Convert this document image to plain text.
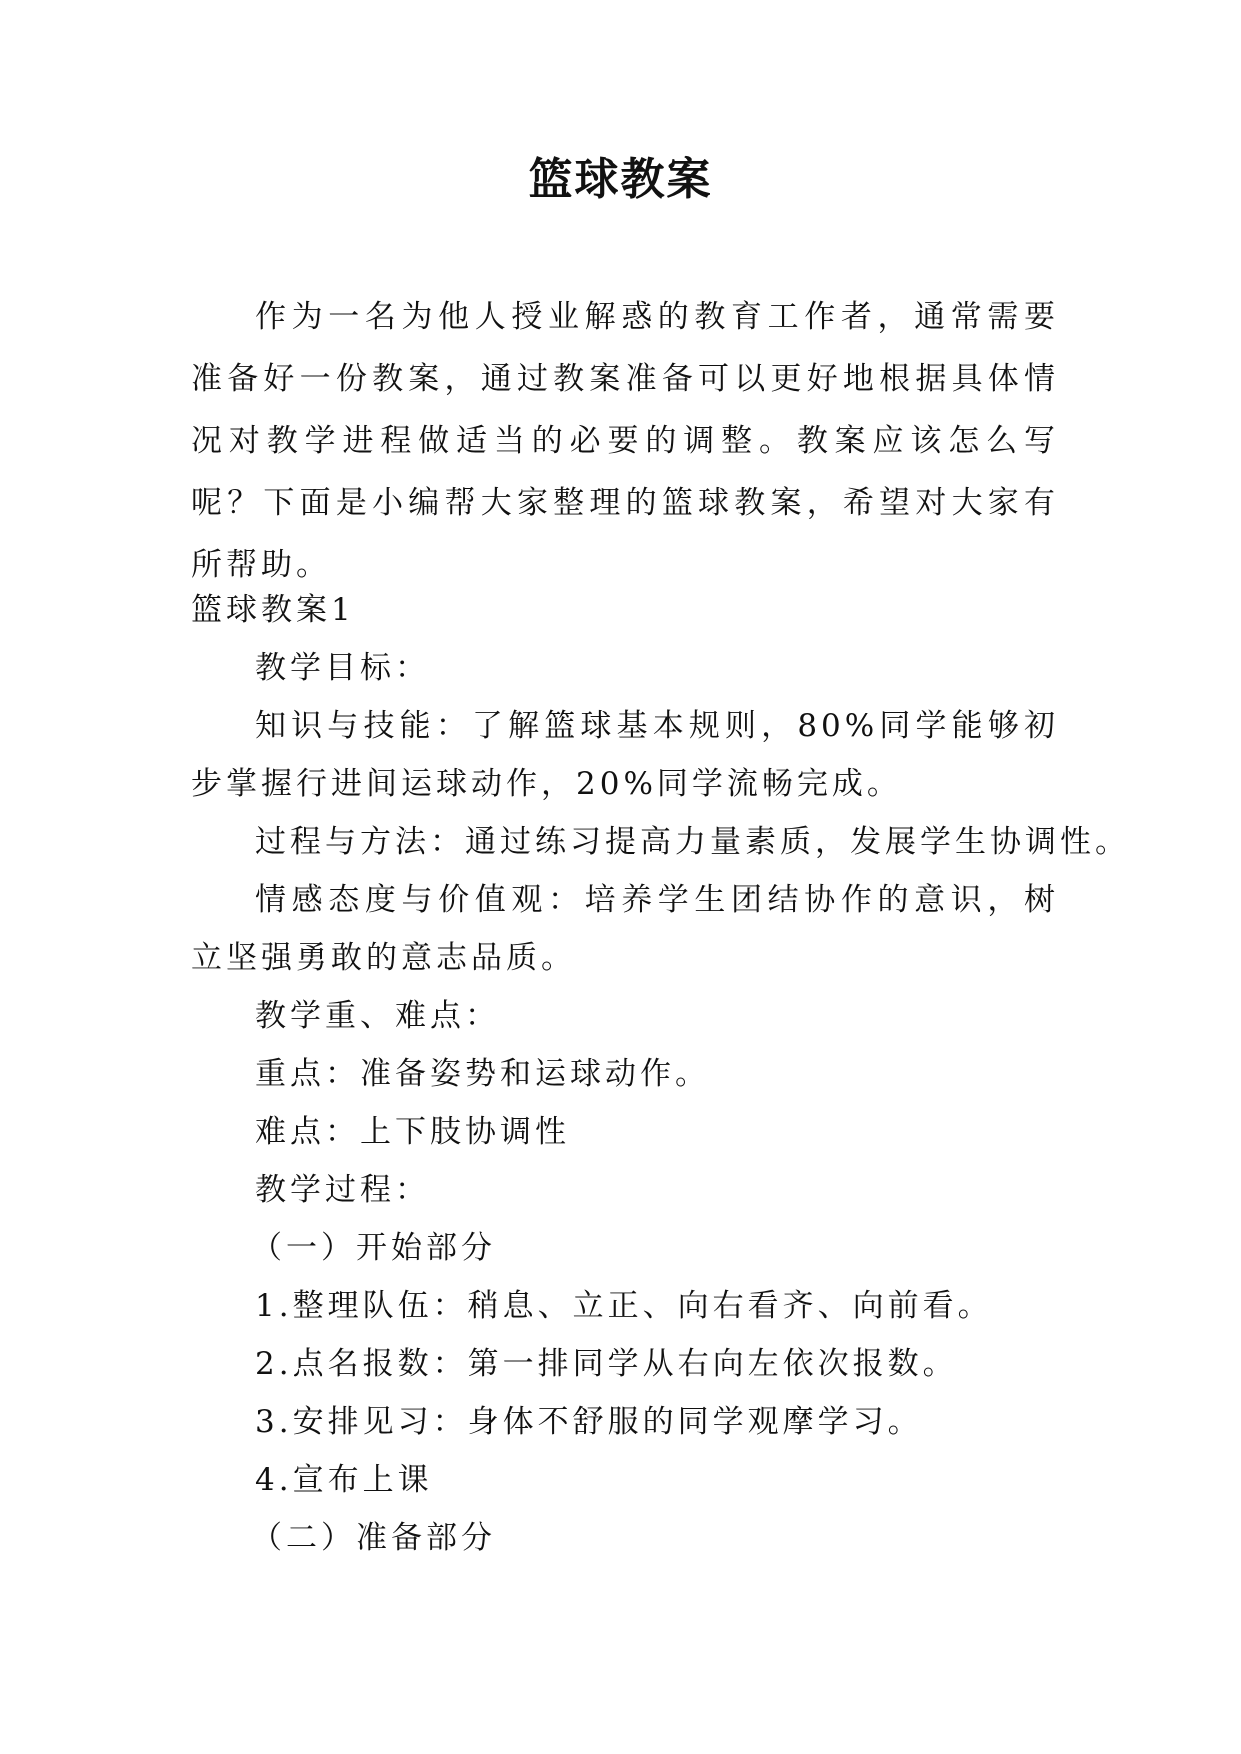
篮球教案

作为一名为他人授业解惑的教育工作者，通常需要准备好一份教案，通过教案准备可以更好地根据具体情况对教学进程做适当的必要的调整。教案应该怎么写呢？下面是小编帮大家整理的篮球教案，希望对大家有所帮助。

篮球教案1

教学目标：

知识与技能：了解篮球基本规则，80%同学能够初步掌握行进间运球动作，20%同学流畅完成。

过程与方法：通过练习提高力量素质，发展学生协调性。

情感态度与价值观：培养学生团结协作的意识，树立坚强勇敢的意志品质。

教学重、难点：

重点：准备姿势和运球动作。

难点：上下肢协调性

教学过程：

（一）开始部分

1.整理队伍：稍息、立正、向右看齐、向前看。

2.点名报数：第一排同学从右向左依次报数。

3.安排见习：身体不舒服的同学观摩学习。

4.宣布上课

（二）准备部分
